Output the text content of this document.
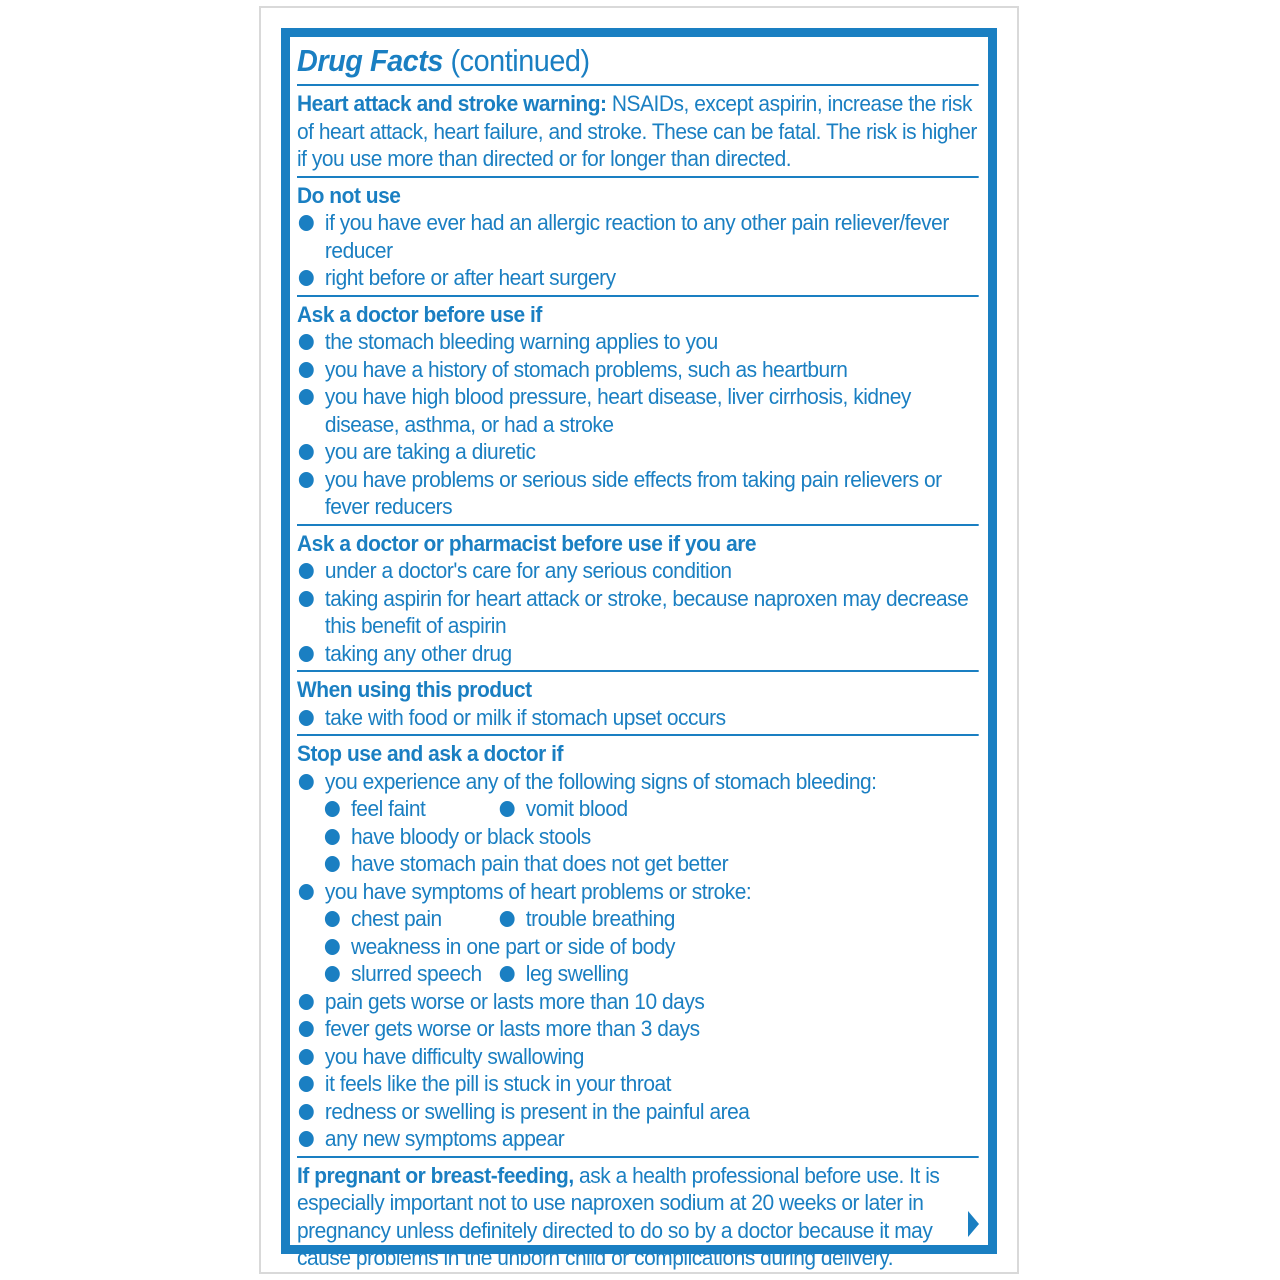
Drug Facts (continued)
Heart attack and stroke warning: NSAIDs, except aspirin, increase the risk of heart attack, heart failure, and stroke. These can be fatal. The risk is higher if you use more than directed or for longer than directed.
Do not use
if you have ever had an allergic reaction to any other pain reliever/fever reducer
right before or after heart surgery
Ask a doctor before use if
the stomach bleeding warning applies to you
you have a history of stomach problems, such as heartburn
you have high blood pressure, heart disease, liver cirrhosis, kidney disease, asthma, or had a stroke
you are taking a diuretic
you have problems or serious side effects from taking pain relievers or fever reducers
Ask a doctor or pharmacist before use if you are
under a doctor's care for any serious condition
taking aspirin for heart attack or stroke, because naproxen may decrease this benefit of aspirin
taking any other drug
When using this product
take with food or milk if stomach upset occurs
Stop use and ask a doctor if
you experience any of the following signs of stomach bleeding:
feel faint	vomit blood
have bloody or black stools
have stomach pain that does not get better
you have symptoms of heart problems or stroke:
chest pain	trouble breathing
weakness in one part or side of body
slurred speech leg swelling
pain gets worse or lasts more than 10 days
fever gets worse or lasts more than 3 days
you have difficulty swallowing
it feels like the pill is stuck in your throat
redness or swelling is present in the painful area
any new symptoms appear
If pregnant or breast-feeding, ask a health professional before use. It is especially important not to use naproxen sodium at 20 weeks or later in pregnancy unless definitely directed to do so by a doctor because it may cause problems in the unborn child or complications during delivery.
